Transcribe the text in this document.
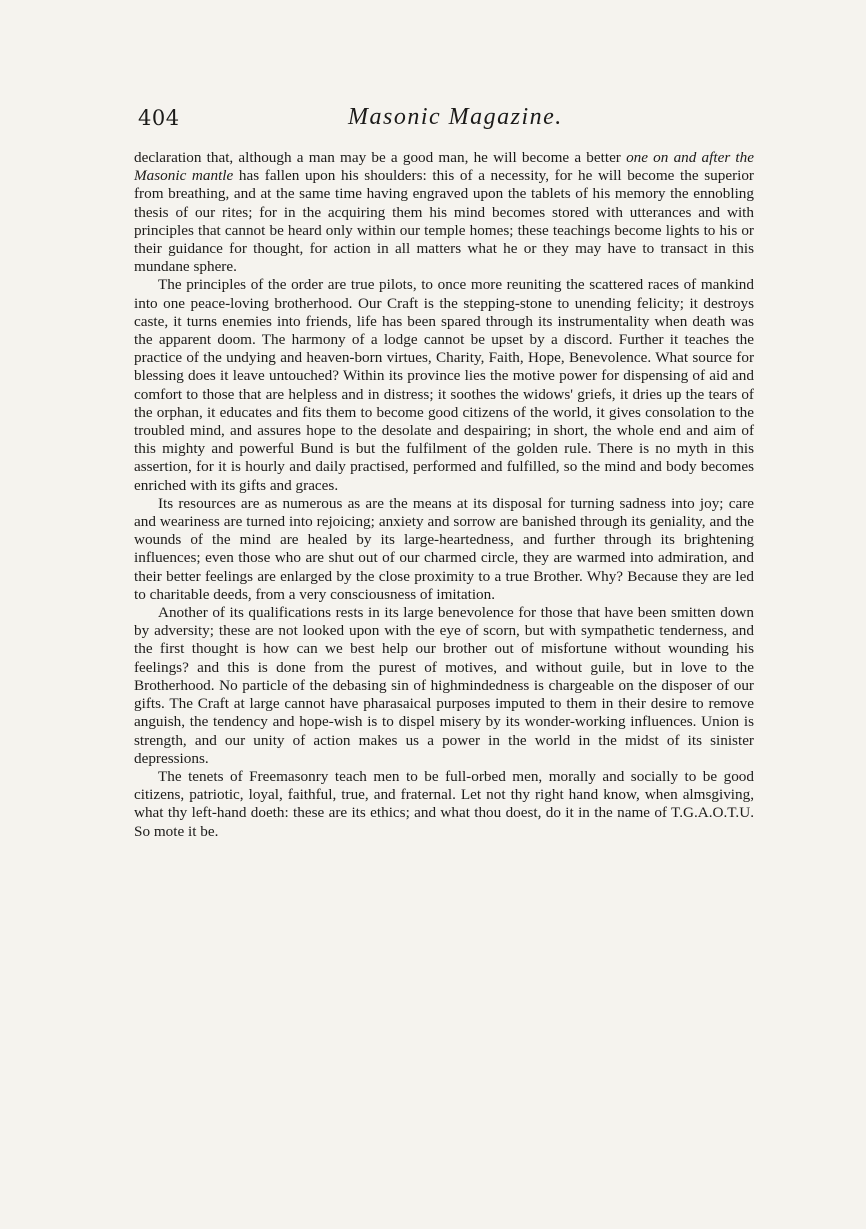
404	Masonic Magazine.

declaration that, although a man may be a good man, he will become a better one on and after the Masonic mantle has fallen upon his shoulders: this of a necessity, for he will become the superior from breathing, and at the same time having engraved upon the tablets of his memory the ennobling thesis of our rites; for in the acquiring them his mind becomes stored with utterances and with principles that cannot be heard only within our temple homes; these teachings become lights to his or their guidance for thought, for action in all matters what he or they may have to transact in this mundane sphere.

The principles of the order are true pilots, to once more reuniting the scattered races of mankind into one peace-loving brotherhood. Our Craft is the stepping-stone to unending felicity; it destroys caste, it turns enemies into friends, life has been spared through its instrumentality when death was the apparent doom. The harmony of a lodge cannot be upset by a discord. Further it teaches the practice of the undying and heaven-born virtues, Charity, Faith, Hope, Benevolence. What source for blessing does it leave untouched? Within its province lies the motive power for dispensing of aid and comfort to those that are helpless and in distress; it soothes the widows' griefs, it dries up the tears of the orphan, it educates and fits them to become good citizens of the world, it gives consolation to the troubled mind, and assures hope to the desolate and despairing; in short, the whole end and aim of this mighty and powerful Bund is but the fulfilment of the golden rule. There is no myth in this assertion, for it is hourly and daily practised, performed and fulfilled, so the mind and body becomes enriched with its gifts and graces.

Its resources are as numerous as are the means at its disposal for turning sadness into joy; care and weariness are turned into rejoicing; anxiety and sorrow are banished through its geniality, and the wounds of the mind are healed by its large-heartedness, and further through its brightening influences; even those who are shut out of our charmed circle, they are warmed into admiration, and their better feelings are enlarged by the close proximity to a true Brother. Why? Because they are led to charitable deeds, from a very consciousness of imitation.

Another of its qualifications rests in its large benevolence for those that have been smitten down by adversity; these are not looked upon with the eye of scorn, but with sympathetic tenderness, and the first thought is how can we best help our brother out of misfortune without wounding his feelings? and this is done from the purest of motives, and without guile, but in love to the Brotherhood. No particle of the debasing sin of highmindedness is chargeable on the disposer of our gifts. The Craft at large cannot have pharasaical purposes imputed to them in their desire to remove anguish, the tendency and hope-wish is to dispel misery by its wonder-working influences. Union is strength, and our unity of action makes us a power in the world in the midst of its sinister depressions.

The tenets of Freemasonry teach men to be full-orbed men, morally and socially to be good citizens, patriotic, loyal, faithful, true, and fraternal. Let not thy right hand know, when almsgiving, what thy left-hand doeth: these are its ethics; and what thou doest, do it in the name of T.G.A.O.T.U. So mote it be.
